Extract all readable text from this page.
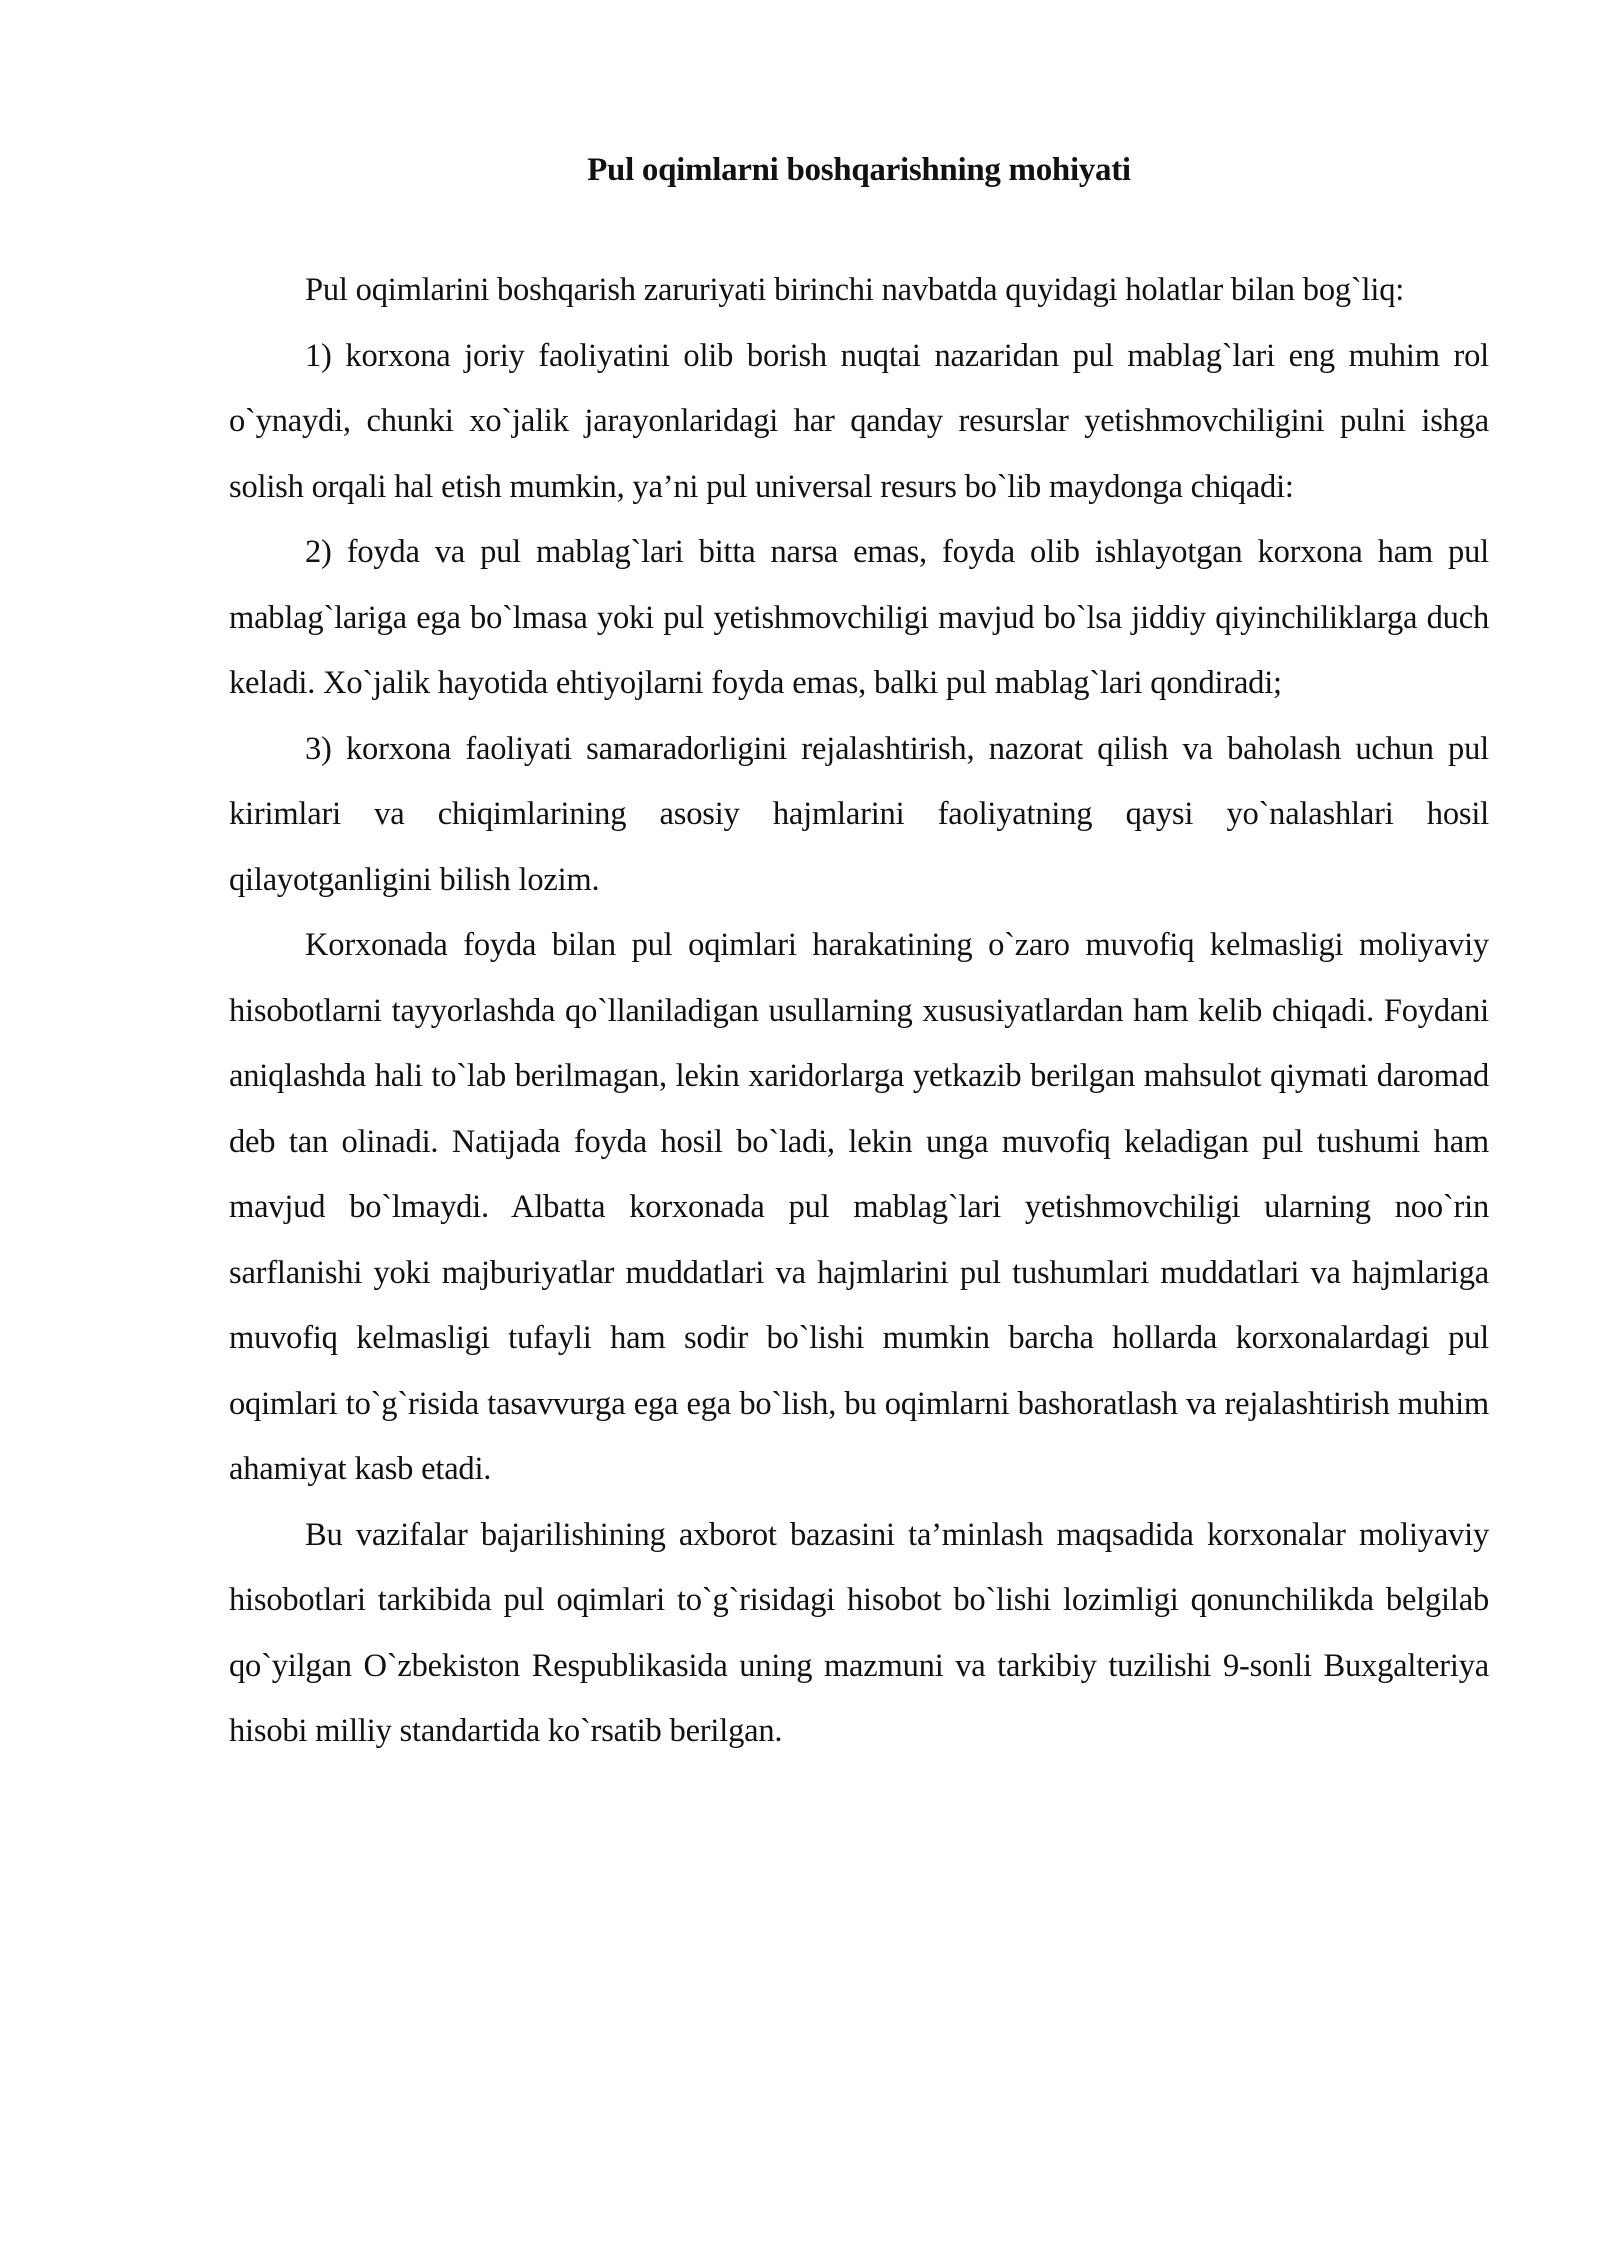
Pul oqimlarni boshqarishning mohiyati

Pul oqimlarini boshqarish zaruriyati birinchi navbatda quyidagi holatlar bilan bog`liq:

1) korxona joriy faoliyatini olib borish nuqtai nazaridan pul mablag`lari eng muhim rol o`ynaydi, chunki xo`jalik jarayonlaridagi har qanday resurslar yetishmovchiligini pulni ishga solish orqali hal etish mumkin, ya’ni pul universal resurs bo`lib maydonga chiqadi:

2) foyda va pul mablag`lari bitta narsa emas, foyda olib ishlayotgan korxona ham pul mablag`lariga ega bo`lmasa yoki pul yetishmovchiligi mavjud bo`lsa jiddiy qiyinchiliklarga duch keladi. Xo`jalik hayotida ehtiyojlarni foyda emas, balki pul mablag`lari qondiradi;

3) korxona faoliyati samaradorligini rejalashtirish, nazorat qilish va baholash uchun pul kirimlari va chiqimlarining asosiy hajmlarini faoliyatning qaysi yo`nalashlari hosil qilayotganligini bilish lozim.

Korxonada foyda bilan pul oqimlari harakatining o`zaro muvofiq kelmasligi moliyaviy hisobotlarni tayyorlashda qo`llaniladigan usullarning xususiyatlardan ham kelib chiqadi. Foydani aniqlashda hali to`lab berilmagan, lekin xaridorlarga yetkazib berilgan mahsulot qiymati daromad deb tan olinadi. Natijada foyda hosil bo`ladi, lekin unga muvofiq keladigan pul tushumi ham mavjud bo`lmaydi. Albatta korxonada pul mablag`lari yetishmovchiligi ularning noo`rin sarflanishi yoki majburiyatlar muddatlari va hajmlarini pul tushumlari muddatlari va hajmlariga muvofiq kelmasligi tufayli ham sodir bo`lishi mumkin barcha hollarda korxonalardagi pul oqimlari to`g`risida tasavvurga ega ega bo`lish, bu oqimlarni bashoratlash va rejalashtirish muhim ahamiyat kasb etadi.

Bu vazifalar bajarilishining axborot bazasini ta’minlash maqsadida korxonalar moliyaviy hisobotlari tarkibida pul oqimlari to`g`risidagi hisobot bo`lishi lozimligi qonunchilikda belgilab qo`yilgan O`zbekiston Respublikasida uning mazmuni va tarkibiy tuzilishi 9-sonli Buxgalteriya hisobi milliy standartida ko`rsatib berilgan.
